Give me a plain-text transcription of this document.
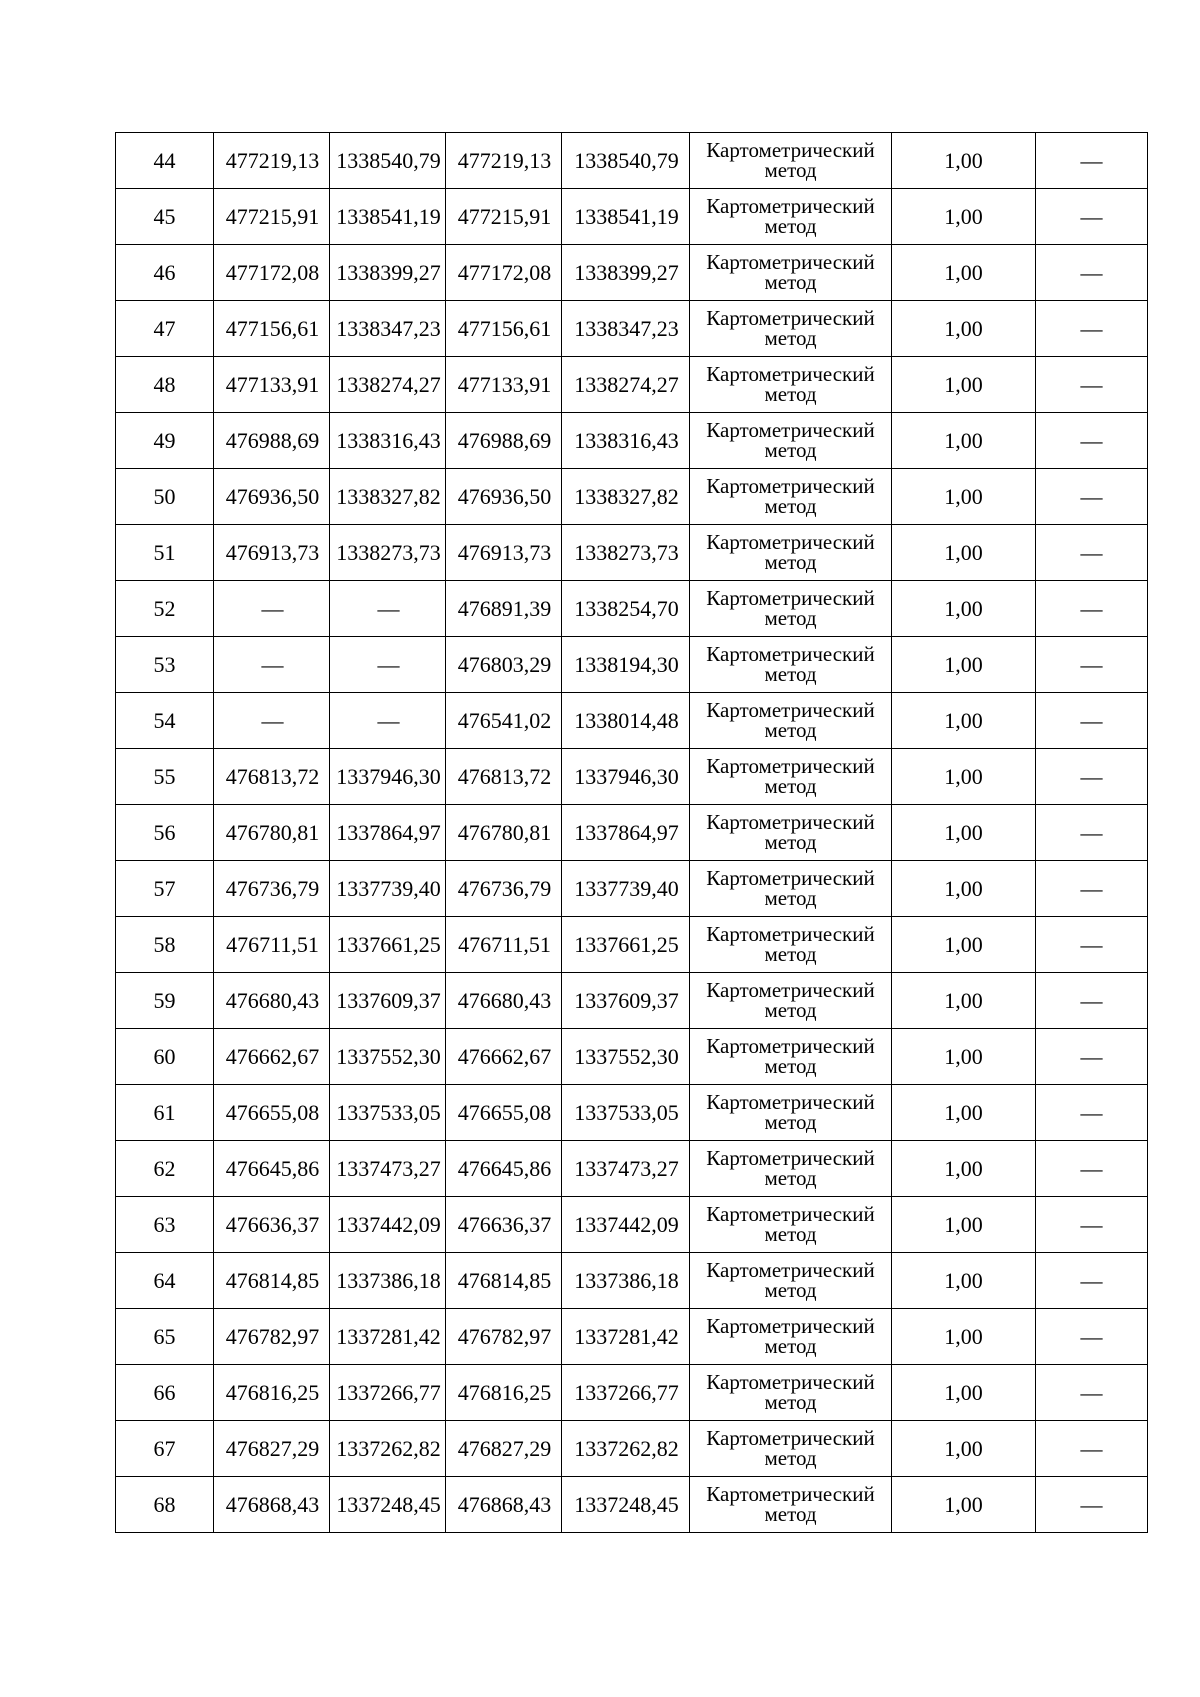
44	477219,13	1338540,79	477219,13	1338540,79	Картометрический
метод	1,00	—
45	477215,91	1338541,19	477215,91	1338541,19	Картометрический
метод	1,00	—
46	477172,08	1338399,27	477172,08	1338399,27	Картометрический
метод	1,00	—
47	477156,61	1338347,23	477156,61	1338347,23	Картометрический
метод	1,00	—
48	477133,91	1338274,27	477133,91	1338274,27	Картометрический
метод	1,00	—
49	476988,69	1338316,43	476988,69	1338316,43	Картометрический
метод	1,00	—
50	476936,50	1338327,82	476936,50	1338327,82	Картометрический
метод	1,00	—
51	476913,73	1338273,73	476913,73	1338273,73	Картометрический
метод	1,00	—
52	—	—	476891,39	1338254,70	Картометрический
метод	1,00	—
53	—	—	476803,29	1338194,30	Картометрический
метод	1,00	—
54	—	—	476541,02	1338014,48	Картометрический
метод	1,00	—
55	476813,72	1337946,30	476813,72	1337946,30	Картометрический
метод	1,00	—
56	476780,81	1337864,97	476780,81	1337864,97	Картометрический
метод	1,00	—
57	476736,79	1337739,40	476736,79	1337739,40	Картометрический
метод	1,00	—
58	476711,51	1337661,25	476711,51	1337661,25	Картометрический
метод	1,00	—
59	476680,43	1337609,37	476680,43	1337609,37	Картометрический
метод	1,00	—
60	476662,67	1337552,30	476662,67	1337552,30	Картометрический
метод	1,00	—
61	476655,08	1337533,05	476655,08	1337533,05	Картометрический
метод	1,00	—
62	476645,86	1337473,27	476645,86	1337473,27	Картометрический
метод	1,00	—
63	476636,37	1337442,09	476636,37	1337442,09	Картометрический
метод	1,00	—
64	476814,85	1337386,18	476814,85	1337386,18	Картометрический
метод	1,00	—
65	476782,97	1337281,42	476782,97	1337281,42	Картометрический
метод	1,00	—
66	476816,25	1337266,77	476816,25	1337266,77	Картометрический
метод	1,00	—
67	476827,29	1337262,82	476827,29	1337262,82	Картометрический
метод	1,00	—
68	476868,43	1337248,45	476868,43	1337248,45	Картометрический
метод	1,00	—
